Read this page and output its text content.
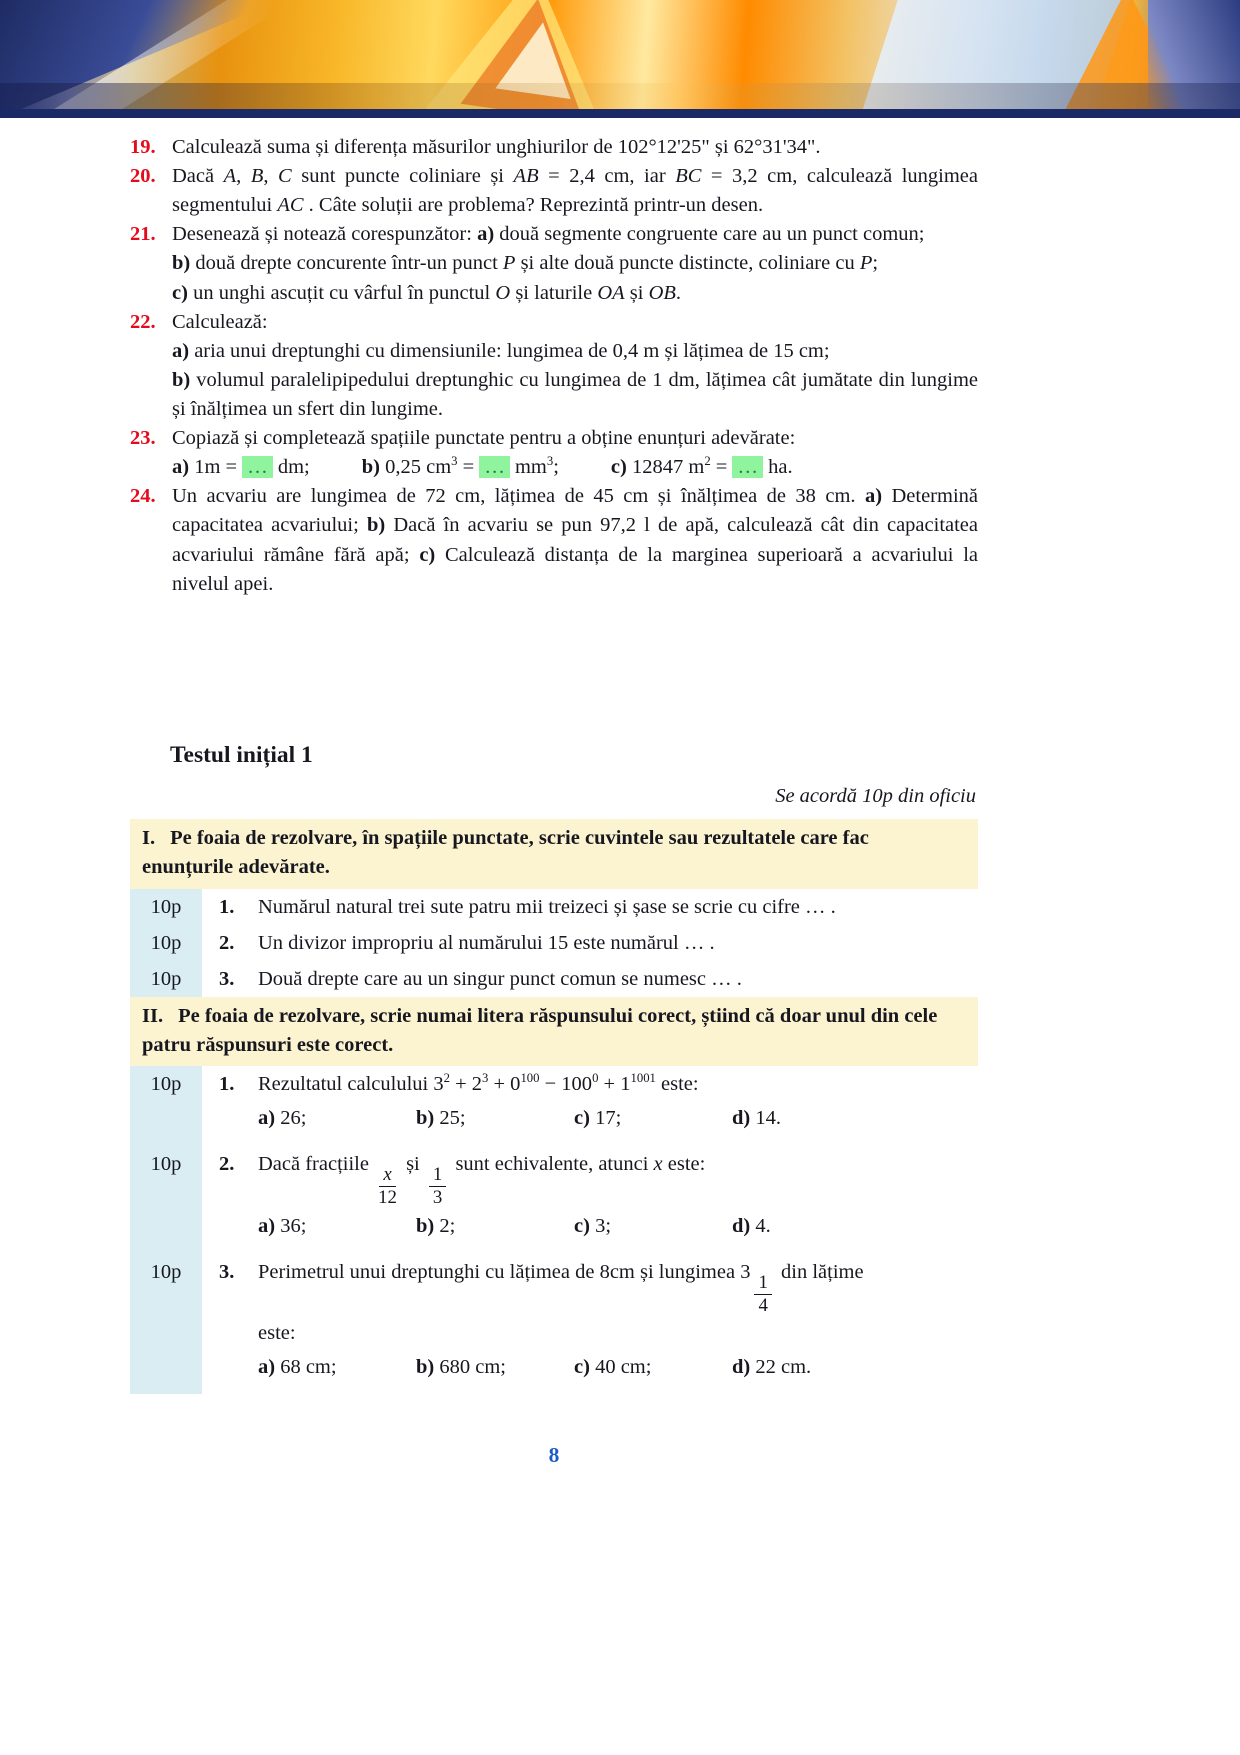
19. Calculează suma și diferența măsurilor unghiurilor de 102°12'25" și 62°31'34".
20. Dacă A, B, C sunt puncte coliniare și AB = 2,4 cm, iar BC = 3,2 cm, calculează lungimea segmentului AC . Câte soluții are problema? Reprezintă printr-un desen.
21. Desenează și notează corespunzător: a) două segmente congruente care au un punct comun;
b) două drepte concurente într-un punct P și alte două puncte distincte, coliniare cu P;
c) un unghi ascuțit cu vârful în punctul O și laturile OA și OB.
22. Calculează:
a) aria unui dreptunghi cu dimensiunile: lungimea de 0,4 m și lățimea de 15 cm;
b) volumul paralelipipedului dreptunghic cu lungimea de 1 dm, lățimea cât jumătate din lungime și înălțimea un sfert din lungime.
23. Copiază și completează spațiile punctate pentru a obține enunțuri adevărate:
a) 1m = … dm;	b) 0,25 $cm^3$ = … $mm^3$;	c) 12847 $m^2$ = … ha.
24. Un acvariu are lungimea de 72 cm, lățimea de 45 cm și înălțimea de 38 cm. a) Determină capacitatea acvariului; b) Dacă în acvariu se pun 97,2 l de apă, calculează cât din capacitatea acvariului rămâne fără apă; c) Calculează distanța de la marginea superioară a acvariului la nivelul apei.
Testul inițial 1
Se acordă 10p din oficiu
I. Pe foaia de rezolvare, în spațiile punctate, scrie cuvintele sau rezultatele care fac enunțurile adevărate.
10p	1.	Numărul natural trei sute patru mii treizeci și șase se scrie cu cifre … .
10p	2.	Un divizor impropriu al numărului 15 este numărul … .
10p	3.	Două drepte care au un singur punct comun se numesc … .
II. Pe foaia de rezolvare, scrie numai litera răspunsului corect, știind că doar unul din cele patru răspunsuri este corect.
10p	1.	Rezultatul calculului $3^2 + 2^3 + 0^{100} - 100^0 + 1^{1001}$ este:
a) 26;	b) 25;	c) 17;	d) 14.
10p	2.	Dacă fracțiile
$\frac{x}{12}$
și
$\frac{1}{3}$
sunt echivalente, atunci x este:
a) 36;	b) 2;	c) 3;	d) 4.
10p	3.	Perimetrul unui dreptunghi cu lățimea de 8cm și lungimea 3
$\frac{1}{4}$
din lățime
este:
a) 68 cm;	b) 680 cm;	c) 40 cm;	d) 22 cm.
8
